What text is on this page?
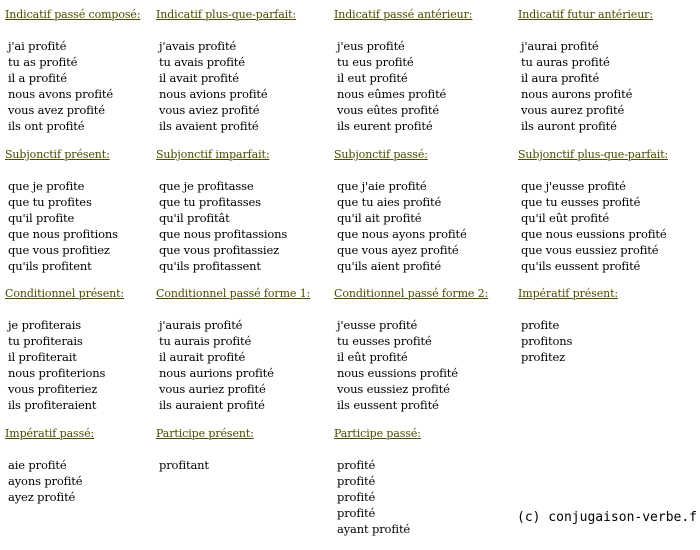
Indicatif passé composé:
j'ai profité
tu as profité
il a profité
nous avons profité
vous avez profité
ils ont profité
Indicatif plus-que-parfait:
j'avais profité
tu avais profité
il avait profité
nous avions profité
vous aviez profité
ils avaient profité
Indicatif passé antérieur:
j'eus profité
tu eus profité
il eut profité
nous eûmes profité
vous eûtes profité
ils eurent profité
Indicatif futur antérieur:
j'aurai profité
tu auras profité
il aura profité
nous aurons profité
vous aurez profité
ils auront profité
Subjonctif présent:
que je profite
que tu profites
qu'il profite
que nous profitions
que vous profitiez
qu'ils profitent
Subjonctif imparfait:
que je profitasse
que tu profitasses
qu'il profitât
que nous profitassions
que vous profitassiez
qu'ils profitassent
Subjonctif passé:
que j'aie profité
que tu aies profité
qu'il ait profité
que nous ayons profité
que vous ayez profité
qu'ils aient profité
Subjonctif plus-que-parfait:
que j'eusse profité
que tu eusses profité
qu'il eût profité
que nous eussions profité
que vous eussiez profité
qu'ils eussent profité
Conditionnel présent:
je profiterais
tu profiterais
il profiterait
nous profiterions
vous profiteriez
ils profiteraient
Conditionnel passé forme 1:
j'aurais profité
tu aurais profité
il aurait profité
nous aurions profité
vous auriez profité
ils auraient profité
Conditionnel passé forme 2:
j'eusse profité
tu eusses profité
il eût profité
nous eussions profité
vous eussiez profité
ils eussent profité
Impératif présent:
profite
profitons
profitez
Impératif passé:
aie profité
ayons profité
ayez profité
Participe présent:
profitant
Participe passé:
profité
profité
profité
profité
ayant profité
(c) conjugaison-verbe.f
